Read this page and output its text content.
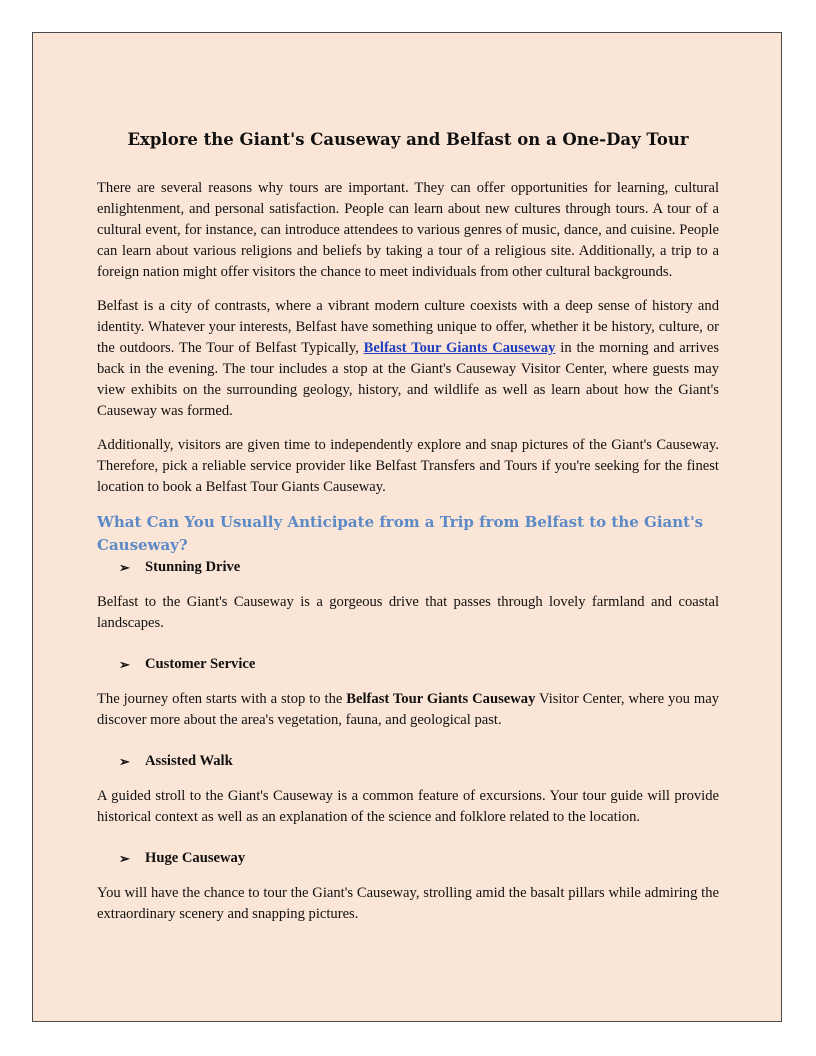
Explore the Giant's Causeway and Belfast on a One-Day Tour

There are several reasons why tours are important. They can offer opportunities for learning, cultural enlightenment, and personal satisfaction. People can learn about new cultures through tours. A tour of a cultural event, for instance, can introduce attendees to various genres of music, dance, and cuisine. People can learn about various religions and beliefs by taking a tour of a religious site. Additionally, a trip to a foreign nation might offer visitors the chance to meet individuals from other cultural backgrounds.

Belfast is a city of contrasts, where a vibrant modern culture coexists with a deep sense of history and identity. Whatever your interests, Belfast have something unique to offer, whether it be history, culture, or the outdoors. The Tour of Belfast Typically, Belfast Tour Giants Causeway in the morning and arrives back in the evening. The tour includes a stop at the Giant's Causeway Visitor Center, where guests may view exhibits on the surrounding geology, history, and wildlife as well as learn about how the Giant's Causeway was formed.

Additionally, visitors are given time to independently explore and snap pictures of the Giant's Causeway. Therefore, pick a reliable service provider like Belfast Transfers and Tours if you're seeking for the finest location to book a Belfast Tour Giants Causeway.

What Can You Usually Anticipate from a Trip from Belfast to the Giant's Causeway?
➢ Stunning Drive

Belfast to the Giant's Causeway is a gorgeous drive that passes through lovely farmland and coastal landscapes.

➢ Customer Service

The journey often starts with a stop to the Belfast Tour Giants Causeway Visitor Center, where you may discover more about the area's vegetation, fauna, and geological past.

➢ Assisted Walk

A guided stroll to the Giant's Causeway is a common feature of excursions. Your tour guide will provide historical context as well as an explanation of the science and folklore related to the location.

➢ Huge Causeway

You will have the chance to tour the Giant's Causeway, strolling amid the basalt pillars while admiring the extraordinary scenery and snapping pictures.
